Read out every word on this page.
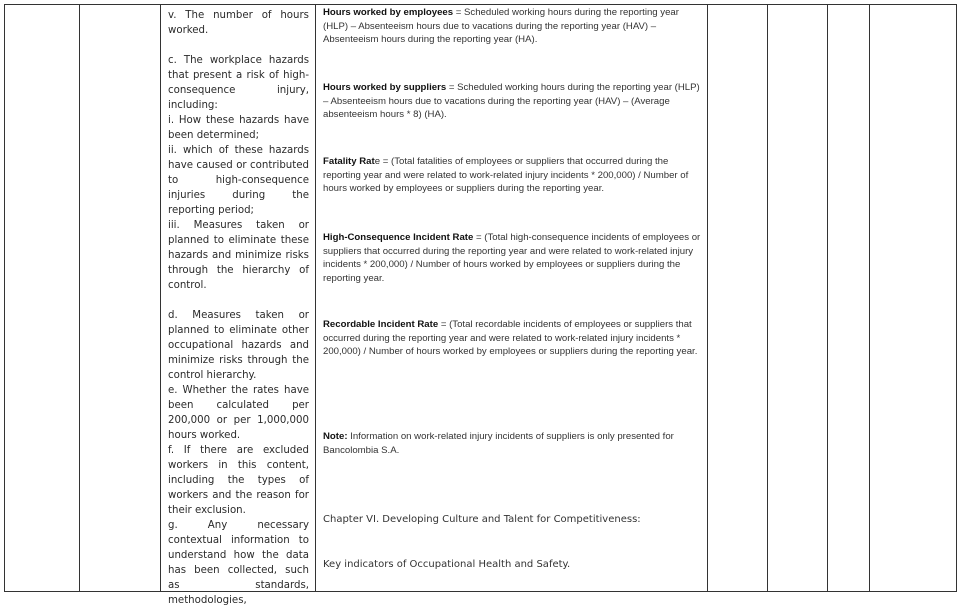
v. The number of hours worked.

c. The workplace hazards that present a risk of high-consequence injury, including:

i. How these hazards have been determined;

ii. which of these hazards have caused or contributed to high-consequence injuries during the reporting period;

iii. Measures taken or planned to eliminate these hazards and minimize risks through the hierarchy of control.

d. Measures taken or planned to eliminate other occupational hazards and minimize risks through the control hierarchy.

e. Whether the rates have been calculated per 200,000 or per 1,000,000 hours worked.

f. If there are excluded workers in this content, including the types of workers and the reason for their exclusion.

g. Any necessary contextual information to understand how the data has been collected, such as standards, methodologies,

Hours worked by employees = Scheduled working hours during the reporting year (HLP) – Absenteeism hours due to vacations during the reporting year (HAV) – Absenteeism hours during the reporting year (HA).

Hours worked by suppliers = Scheduled working hours during the reporting year (HLP) – Absenteeism hours due to vacations during the reporting year (HAV) – (Average absenteeism hours * 8) (HA).

Fatality Rate = (Total fatalities of employees or suppliers that occurred during the reporting year and were related to work-related injury incidents * 200,000) / Number of hours worked by employees or suppliers during the reporting year.

High-Consequence Incident Rate = (Total high-consequence incidents of employees or suppliers that occurred during the reporting year and were related to work-related injury incidents * 200,000) / Number of hours worked by employees or suppliers during the reporting year.

Recordable Incident Rate = (Total recordable incidents of employees or suppliers that occurred during the reporting year and were related to work-related injury incidents * 200,000) / Number of hours worked by employees or suppliers during the reporting year.

Note: Information on work-related injury incidents of suppliers is only presented for Bancolombia S.A.

Chapter VI. Developing Culture and Talent for Competitiveness:

Key indicators of Occupational Health and Safety.
